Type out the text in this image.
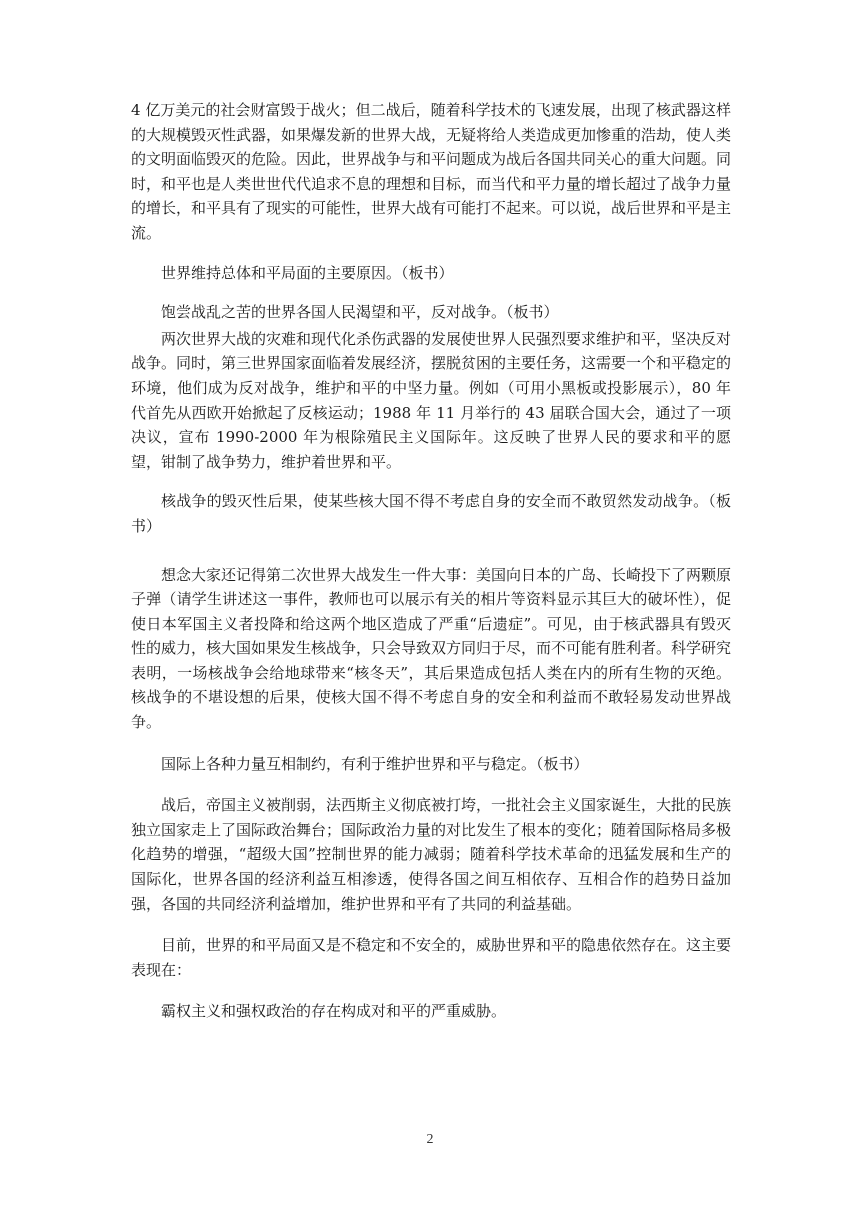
4 亿万美元的社会财富毁于战火；但二战后，随着科学技术的飞速发展，出现了核武器这样的大规模毁灭性武器，如果爆发新的世界大战，无疑将给人类造成更加惨重的浩劫，使人类的文明面临毁灭的危险。因此，世界战争与和平问题成为战后各国共同关心的重大问题。同时，和平也是人类世世代代追求不息的理想和目标，而当代和平力量的增长超过了战争力量的增长，和平具有了现实的可能性，世界大战有可能打不起来。可以说，战后世界和平是主流。

世界维持总体和平局面的主要原因。（板书）

饱尝战乱之苦的世界各国人民渴望和平，反对战争。（板书）

两次世界大战的灾难和现代化杀伤武器的发展使世界人民强烈要求维护和平，坚决反对战争。同时，第三世界国家面临着发展经济，摆脱贫困的主要任务，这需要一个和平稳定的环境，他们成为反对战争，维护和平的中坚力量。例如（可用小黑板或投影展示），80 年代首先从西欧开始掀起了反核运动；1988 年 11 月举行的 43 届联合国大会，通过了一项决议，宣布 1990-2000 年为根除殖民主义国际年。这反映了世界人民的要求和平的愿望，钳制了战争势力，维护着世界和平。

核战争的毁灭性后果，使某些核大国不得不考虑自身的安全而不敢贸然发动战争。（板书）

想念大家还记得第二次世界大战发生一件大事：美国向日本的广岛、长崎投下了两颗原子弹（请学生讲述这一事件，教师也可以展示有关的相片等资料显示其巨大的破坏性），促使日本军国主义者投降和给这两个地区造成了严重“后遗症”。可见，由于核武器具有毁灭性的威力，核大国如果发生核战争，只会导致双方同归于尽，而不可能有胜利者。科学研究表明，一场核战争会给地球带来“核冬天”，其后果造成包括人类在内的所有生物的灭绝。核战争的不堪设想的后果，使核大国不得不考虑自身的安全和利益而不敢轻易发动世界战争。

国际上各种力量互相制约，有利于维护世界和平与稳定。（板书）

战后，帝国主义被削弱，法西斯主义彻底被打垮，一批社会主义国家诞生，大批的民族独立国家走上了国际政治舞台；国际政治力量的对比发生了根本的变化；随着国际格局多极化趋势的增强，“超级大国”控制世界的能力减弱；随着科学技术革命的迅猛发展和生产的国际化，世界各国的经济利益互相渗透，使得各国之间互相依存、互相合作的趋势日益加强，各国的共同经济利益增加，维护世界和平有了共同的利益基础。

目前，世界的和平局面又是不稳定和不安全的，威胁世界和平的隐患依然存在。这主要表现在：

霸权主义和强权政治的存在构成对和平的严重威胁。

2
